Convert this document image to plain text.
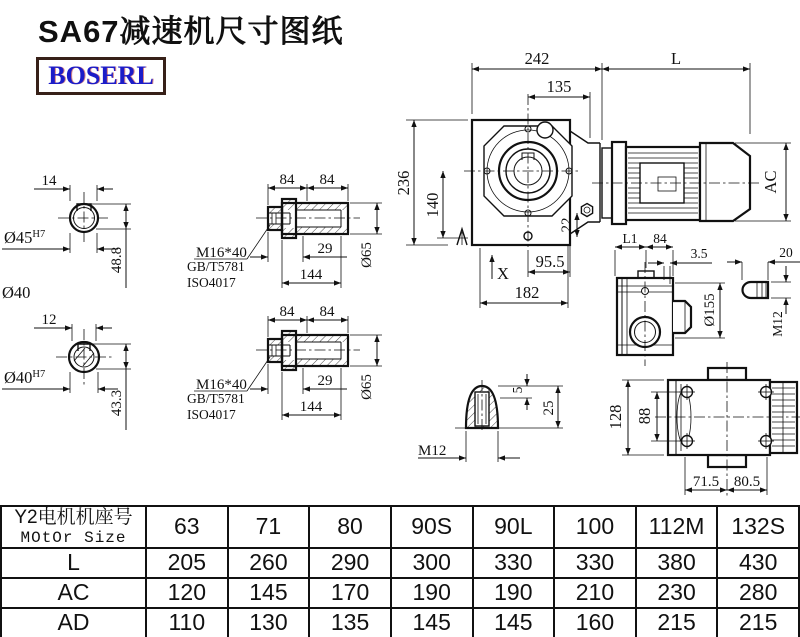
14
$Ø45^{H7}$
48.8
Ø40
12
$Ø40^{H7}$
43.3
84 84
29
144
Ø65
M16*40
GB/T5781
ISO4017
84 84
29
144
Ø65
M16*40
GB/T5781
ISO4017
242	L
135
236
140
22
95.5
182
X
AC
L1 84
3.5
Ø155
20
M12
5
25
M12
128 88
71.5 80.5
SA67减速机尺寸图纸
BOSERL
Y2电机机座号
MOtOr Size	63	71	80	90S	90L	100	112M	132S
L	205	260	290	300	330	330	380	430
AC	120	145	170	190	190	210	230	280
AD	110	130	135	145	145	160	215	215
